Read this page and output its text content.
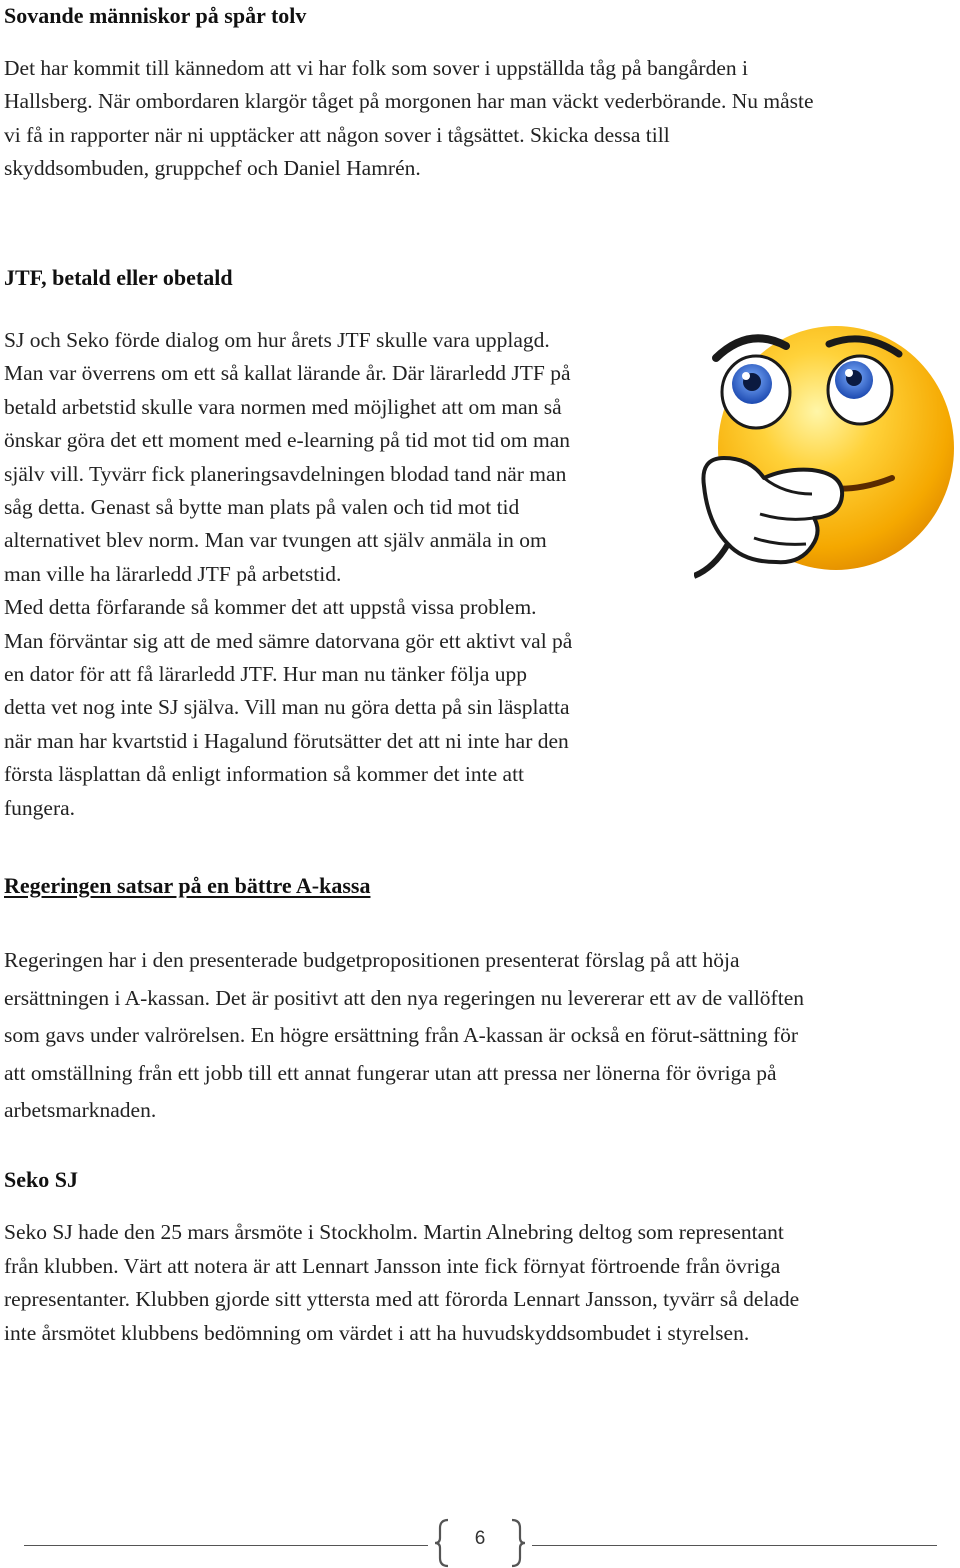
Sovande människor på spår tolv

Det har kommit till kännedom att vi har folk som sover i uppställda tåg på bangården i
Hallsberg. När ombordaren klargör tåget på morgonen har man väckt vederbörande. Nu måste
vi få in rapporter när ni upptäcker att någon sover i tågsättet. Skicka dessa till
skyddsombuden, gruppchef och Daniel Hamrén.

JTF, betald eller obetald

SJ och Seko förde dialog om hur årets JTF skulle vara upplagd.
Man var överrens om ett så kallat lärande år. Där lärarledd JTF på
betald arbetstid skulle vara normen med möjlighet att om man så
önskar göra det ett moment med e-learning på tid mot tid om man
själv vill. Tyvärr fick planeringsavdelningen blodad tand när man
såg detta. Genast så bytte man plats på valen och tid mot tid
alternativet blev norm. Man var tvungen att själv anmäla in om
man ville ha lärarledd JTF på arbetstid.
Med detta förfarande så kommer det att uppstå vissa problem.
Man förväntar sig att de med sämre datorvana gör ett aktivt val på
en dator för att få lärarledd JTF. Hur man nu tänker följa upp
detta vet nog inte SJ själva. Vill man nu göra detta på sin läsplatta
när man har kvartstid i Hagalund förutsätter det att ni inte har den
första läsplattan då enligt information så kommer det inte att
fungera.

Regeringen satsar på en bättre A-kassa

Regeringen har i den presenterade budgetpropositionen presenterat förslag på att höja
ersättningen i A-kassan. Det är positivt att den nya regeringen nu levererar ett av de vallöften
som gavs under valrörelsen. En högre ersättning från A-kassan är också en förut-sättning för
att omställning från ett jobb till ett annat fungerar utan att pressa ner lönerna för övriga på
arbetsmarknaden.

Seko SJ

Seko SJ hade den 25 mars årsmöte i Stockholm. Martin Alnebring deltog som representant
från klubben. Värt att notera är att Lennart Jansson inte fick förnyat förtroende från övriga
representanter. Klubben gjorde sitt yttersta med att förorda Lennart Jansson, tyvärr så delade
inte årsmötet klubbens bedömning om värdet i att ha huvudskyddsombudet i styrelsen.

6
